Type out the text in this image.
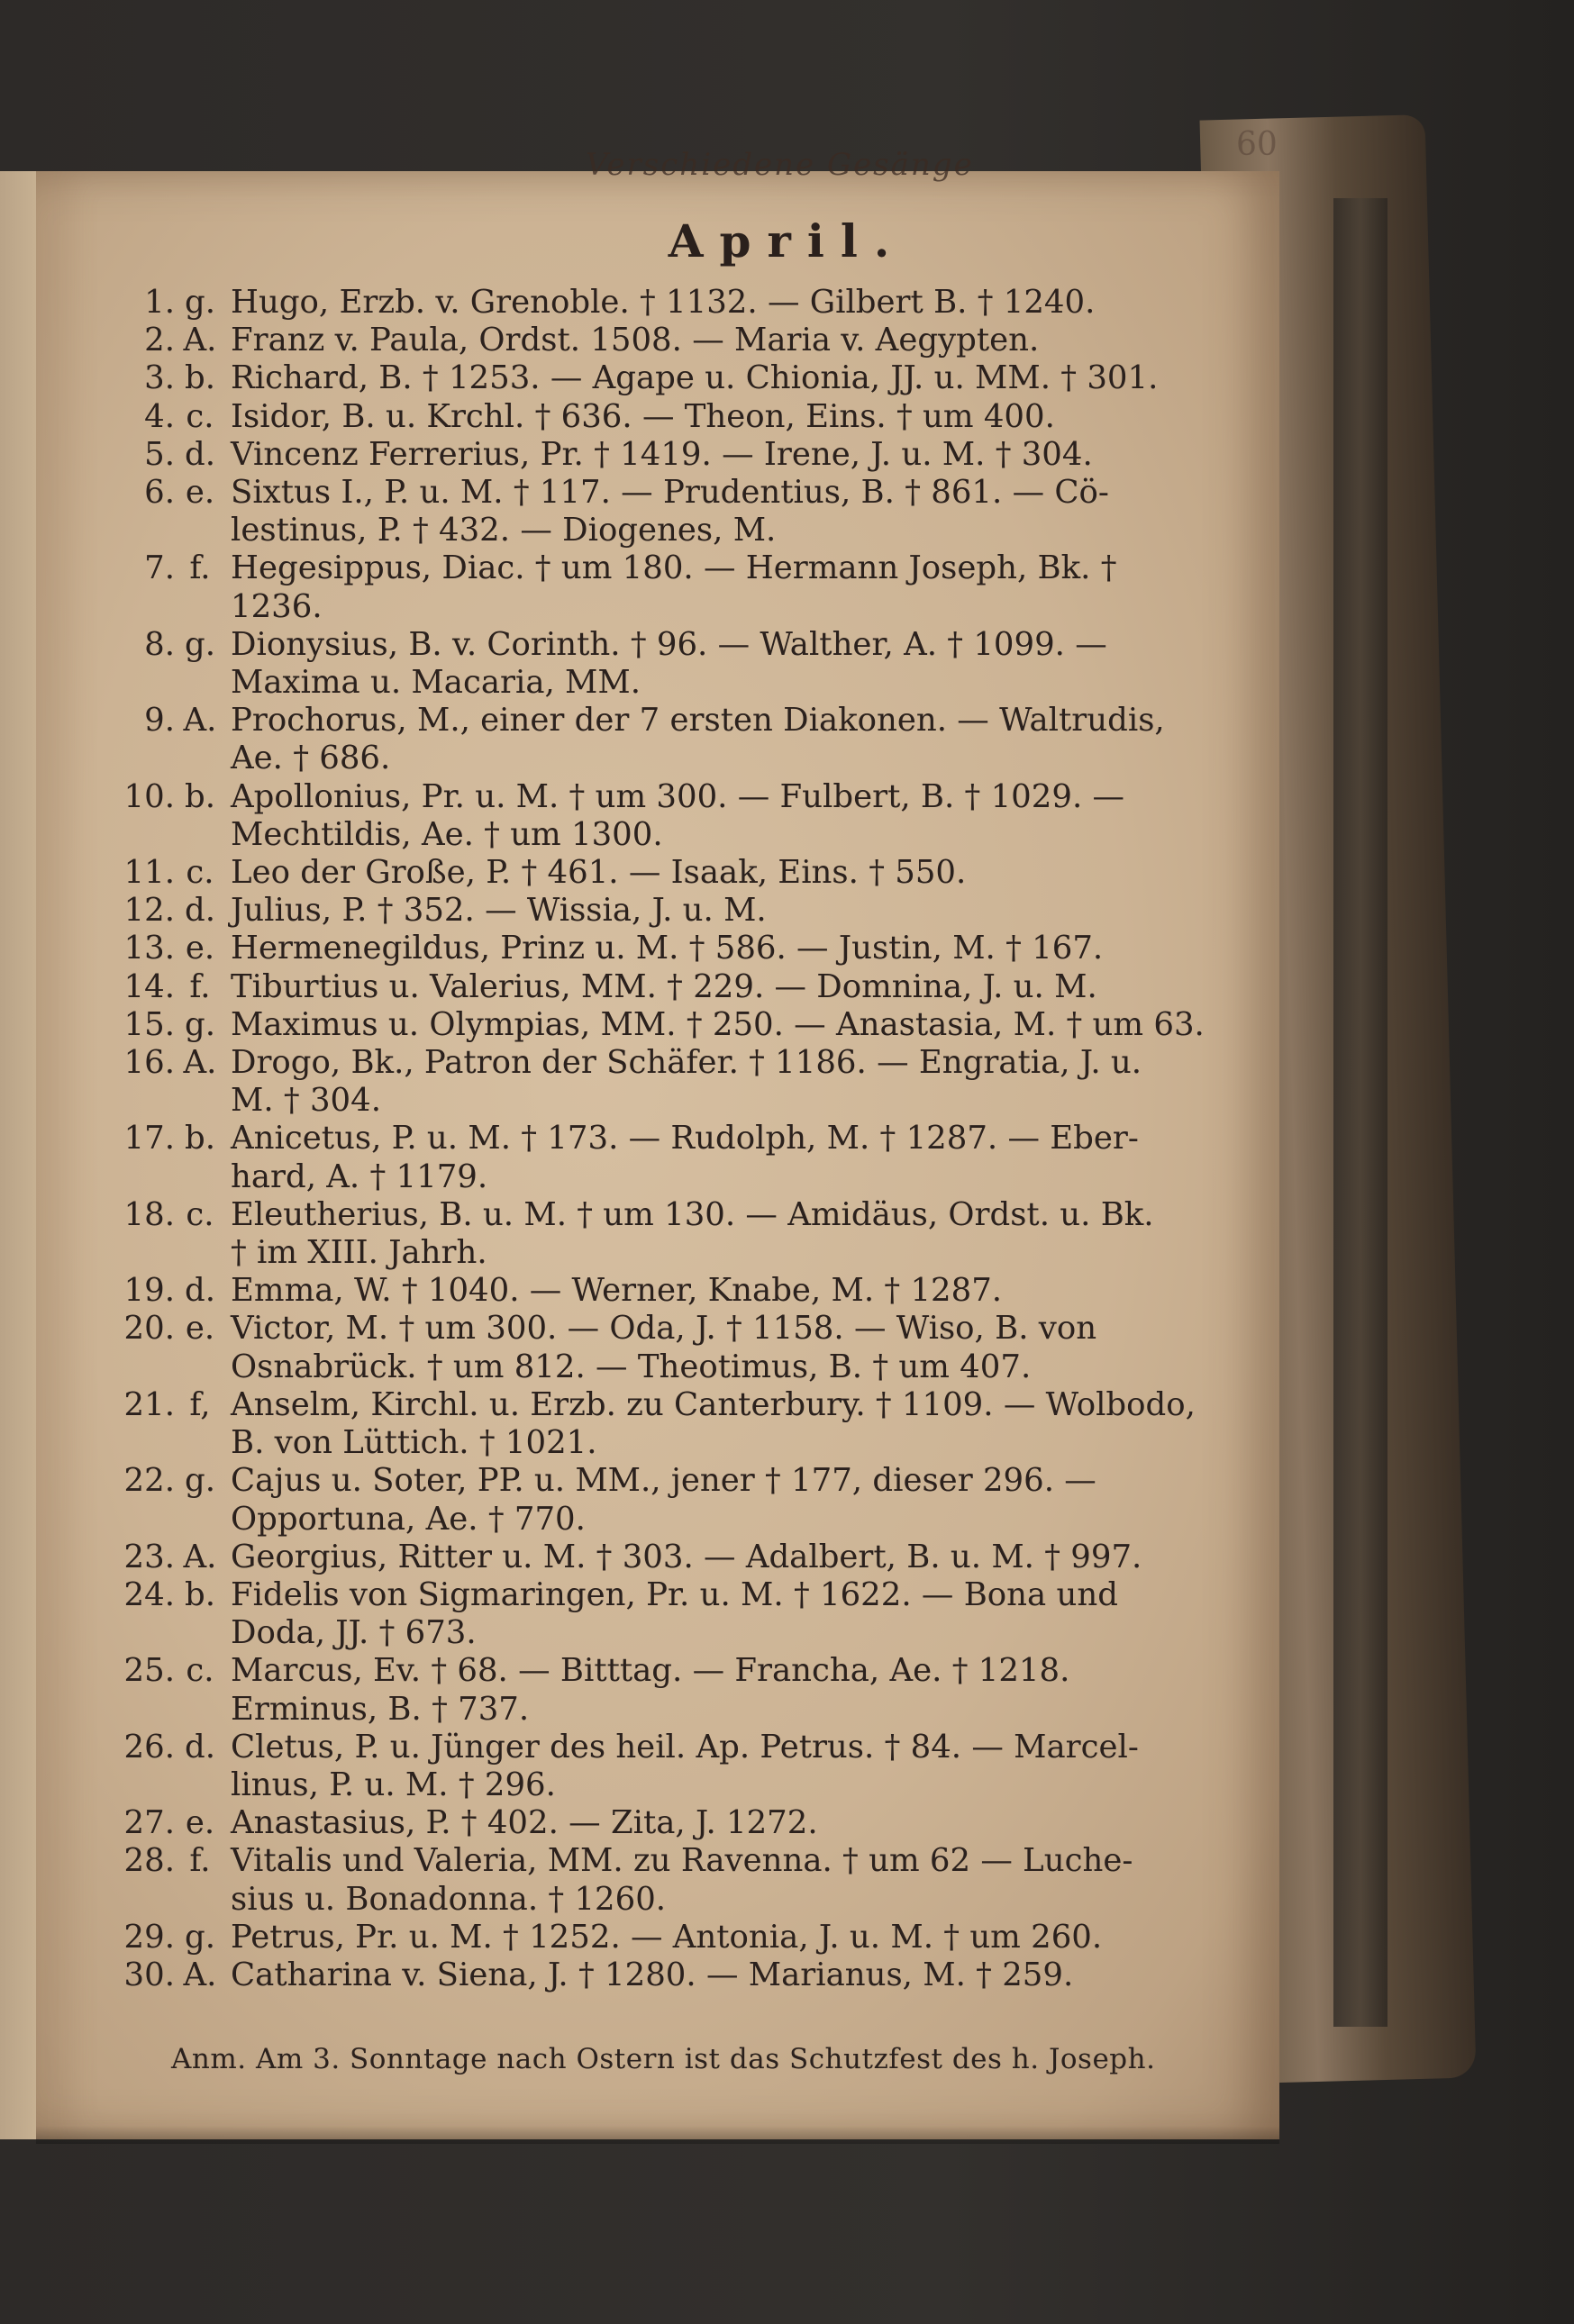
Verschiedene Gesänge
60
April.
1. g. Hugo, Erzb. v. Grenoble. † 1132. — Gilbert B. † 1240.
2. A. Franz v. Paula, Ordst. 1508. — Maria v. Aegypten.
3. b. Richard, B. † 1253. — Agape u. Chionia, JJ. u. MM. † 301.
4. c. Isidor, B. u. Krchl. † 636. — Theon, Eins. † um 400.
5. d. Vincenz Ferrerius, Pr. † 1419. — Irene, J. u. M. † 304.
6. e. Sixtus I., P. u. M. † 117. — Prudentius, B. † 861. — Cö-
lestinus, P. † 432. — Diogenes, M.
7. f. Hegesippus, Diac. † um 180. — Hermann Joseph, Bk. † 1236.
8. g. Dionysius, B. v. Corinth. † 96. — Walther, A. † 1099. —
Maxima u. Macaria, MM.
9. A. Prochorus, M., einer der 7 ersten Diakonen. — Waltrudis,
Ae. † 686.
10. b. Apollonius, Pr. u. M. † um 300. — Fulbert, B. † 1029. —
Mechtildis, Ae. † um 1300.
11. c. Leo der Große, P. † 461. — Isaak, Eins. † 550.
12. d. Julius, P. † 352. — Wissia, J. u. M.
13. e. Hermenegildus, Prinz u. M. † 586. — Justin, M. † 167.
14. f. Tiburtius u. Valerius, MM. † 229. — Domnina, J. u. M.
15. g. Maximus u. Olympias, MM. † 250. — Anastasia, M. † um 63.
16. A. Drogo, Bk., Patron der Schäfer. † 1186. — Engratia, J. u.
M. † 304.
17. b. Anicetus, P. u. M. † 173. — Rudolph, M. † 1287. — Eber-
hard, A. † 1179.
18. c. Eleutherius, B. u. M. † um 130. — Amidäus, Ordst. u. Bk.
† im XIII. Jahrh.
19. d. Emma, W. † 1040. — Werner, Knabe, M. † 1287.
20. e. Victor, M. † um 300. — Oda, J. † 1158. — Wiso, B. von
Osnabrück. † um 812. — Theotimus, B. † um 407.
21. f, Anselm, Kirchl. u. Erzb. zu Canterbury. † 1109. — Wolbodo,
B. von Lüttich. † 1021.
22. g. Cajus u. Soter, PP. u. MM., jener † 177, dieser 296. —
Opportuna, Ae. † 770.
23. A. Georgius, Ritter u. M. † 303. — Adalbert, B. u. M. † 997.
24. b. Fidelis von Sigmaringen, Pr. u. M. † 1622. — Bona und
Doda, JJ. † 673.
25. c. Marcus, Ev. † 68. — Bitttag. — Francha, Ae. † 1218.
Erminus, B. † 737.
26. d. Cletus, P. u. Jünger des heil. Ap. Petrus. † 84. — Marcel-
linus, P. u. M. † 296.
27. e. Anastasius, P. † 402. — Zita, J. 1272.
28. f. Vitalis und Valeria, MM. zu Ravenna. † um 62 — Luche-
sius u. Bonadonna. † 1260.
29. g. Petrus, Pr. u. M. † 1252. — Antonia, J. u. M. † um 260.
30. A. Catharina v. Siena, J. † 1280. — Marianus, M. † 259.
Anm. Am 3. Sonntage nach Ostern ist das Schutzfest des h. Joseph.
